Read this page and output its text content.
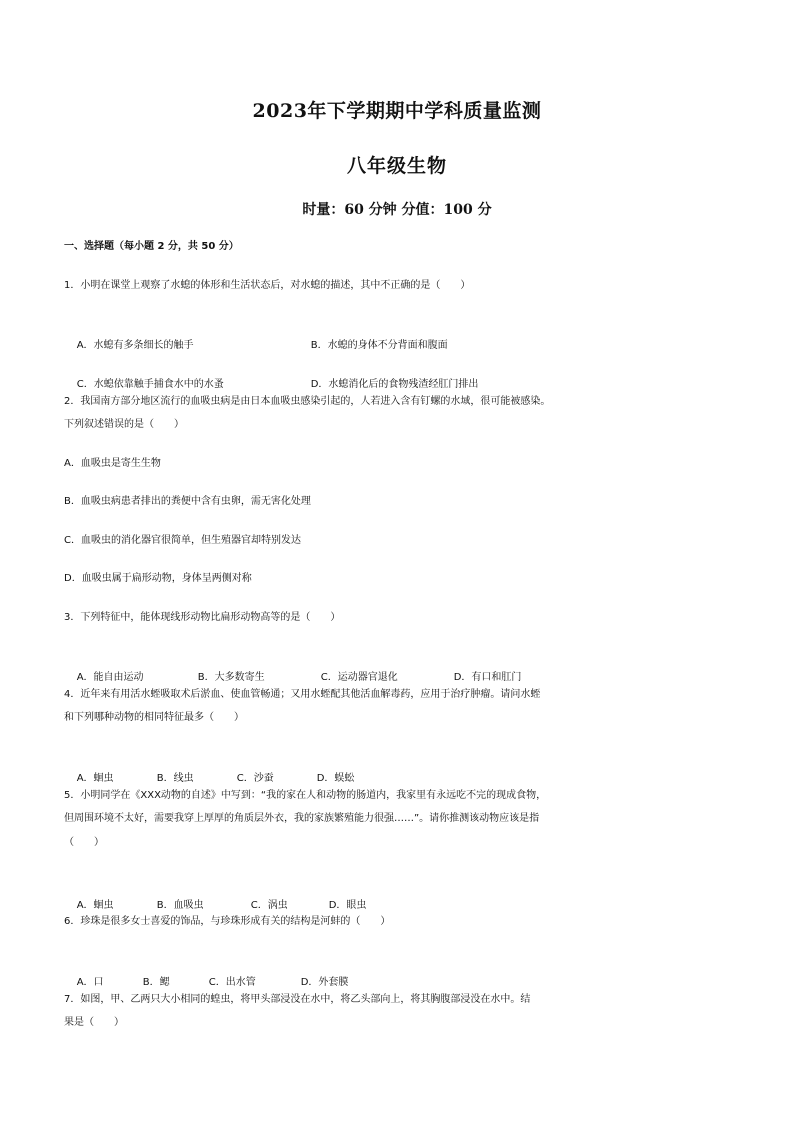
2023年下学期期中学科质量监测
八年级生物
时量：60 分钟 分值：100 分
一、选择题（每小题 2 分，共 50 分）
1．小明在课堂上观察了水螅的体形和生活状态后，对水螅的描述，其中不正确的是（　　）

A．水螅有多条细长的触手	B．水螅的身体不分背面和腹面

C．水螅依靠触手捕食水中的水蚤	D．水螅消化后的食物残渣经肛门排出

2．我国南方部分地区流行的血吸虫病是由日本血吸虫感染引起的，人若进入含有钉螺的水域，很可能被感染。
下列叙述错误的是（　　）
A．血吸虫是寄生生物
B．血吸虫病患者排出的粪便中含有虫卵，需无害化处理
C．血吸虫的消化器官很简单，但生殖器官却特别发达
D．血吸虫属于扁形动物，身体呈两侧对称
3．下列特征中，能体现线形动物比扁形动物高等的是（　　）

A．能自由运动	B．大多数寄生	C．运动器官退化	D．有口和肛门

4．近年来有用活水蛭吸取术后淤血、使血管畅通；又用水蛭配其他活血解毒药，应用于治疗肿瘤。请问水蛭
和下列哪种动物的相同特征最多（　　）

A．蛔虫	B．线虫	C．沙蚕	D．蜈蚣

5．小明同学在《XXX动物的自述》中写到：“我的家在人和动物的肠道内，我家里有永远吃不完的现成食物，
但周围环境不太好，需要我穿上厚厚的角质层外衣，我的家族繁殖能力很强……”。请你推测该动物应该是指
（　　）

A．蛔虫	B．血吸虫	C．涡虫	D．眼虫

6．珍珠是很多女士喜爱的饰品，与珍珠形成有关的结构是河蚌的（　　）

A．口	B．鳃	C．出水管	D．外套膜

7．如图，甲、乙两只大小相同的蝗虫，将甲头部浸没在水中，将乙头部向上，将其胸腹部浸没在水中。结
果是（　　）
